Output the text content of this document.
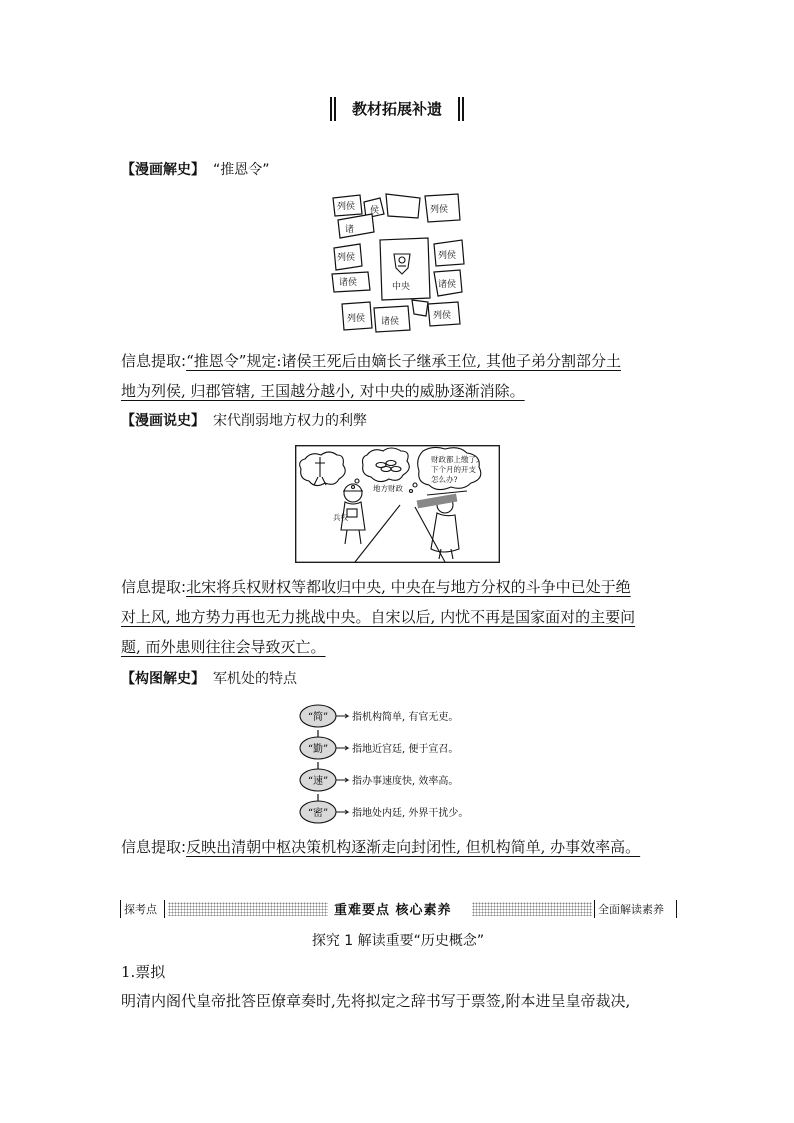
教材拓展补遗
【漫画解史】 “推恩令”
列侯
诸
侯	列侯
列侯
诸侯	中央	诸侯
列侯
列侯 诸侯
列侯
信息提取:“推恩令”规定:诸侯王死后由嫡长子继承王位, 其他子弟分割部分土
地为列侯, 归郡管辖, 王国越分越小, 对中央的威胁逐渐消除。
【漫画说史】 宋代削弱地方权力的利弊
兵权
地方财政
财政都上缴了,
下个月的开支
怎么办?
信息提取:北宋将兵权财权等都收归中央, 中央在与地方分权的斗争中已处于绝
对上风, 地方势力再也无力挑战中央。自宋以后, 内忧不再是国家面对的主要问
题, 而外患则往往会导致灭亡。
【构图解史】 军机处的特点
“简” 指机构简单, 有官无吏。
“勤” 指地近宫廷, 便于宣召。
“速” 指办事速度快, 效率高。
“密” 指地处内廷, 外界干扰少。
信息提取:反映出清朝中枢决策机构逐渐走向封闭性, 但机构简单, 办事效率高。
探考点	重难要点 核心素养	全面解读素养
探究 1 解读重要“历史概念”
1.票拟
明清内阁代皇帝批答臣僚章奏时,先将拟定之辞书写于票签,附本进呈皇帝裁决,
